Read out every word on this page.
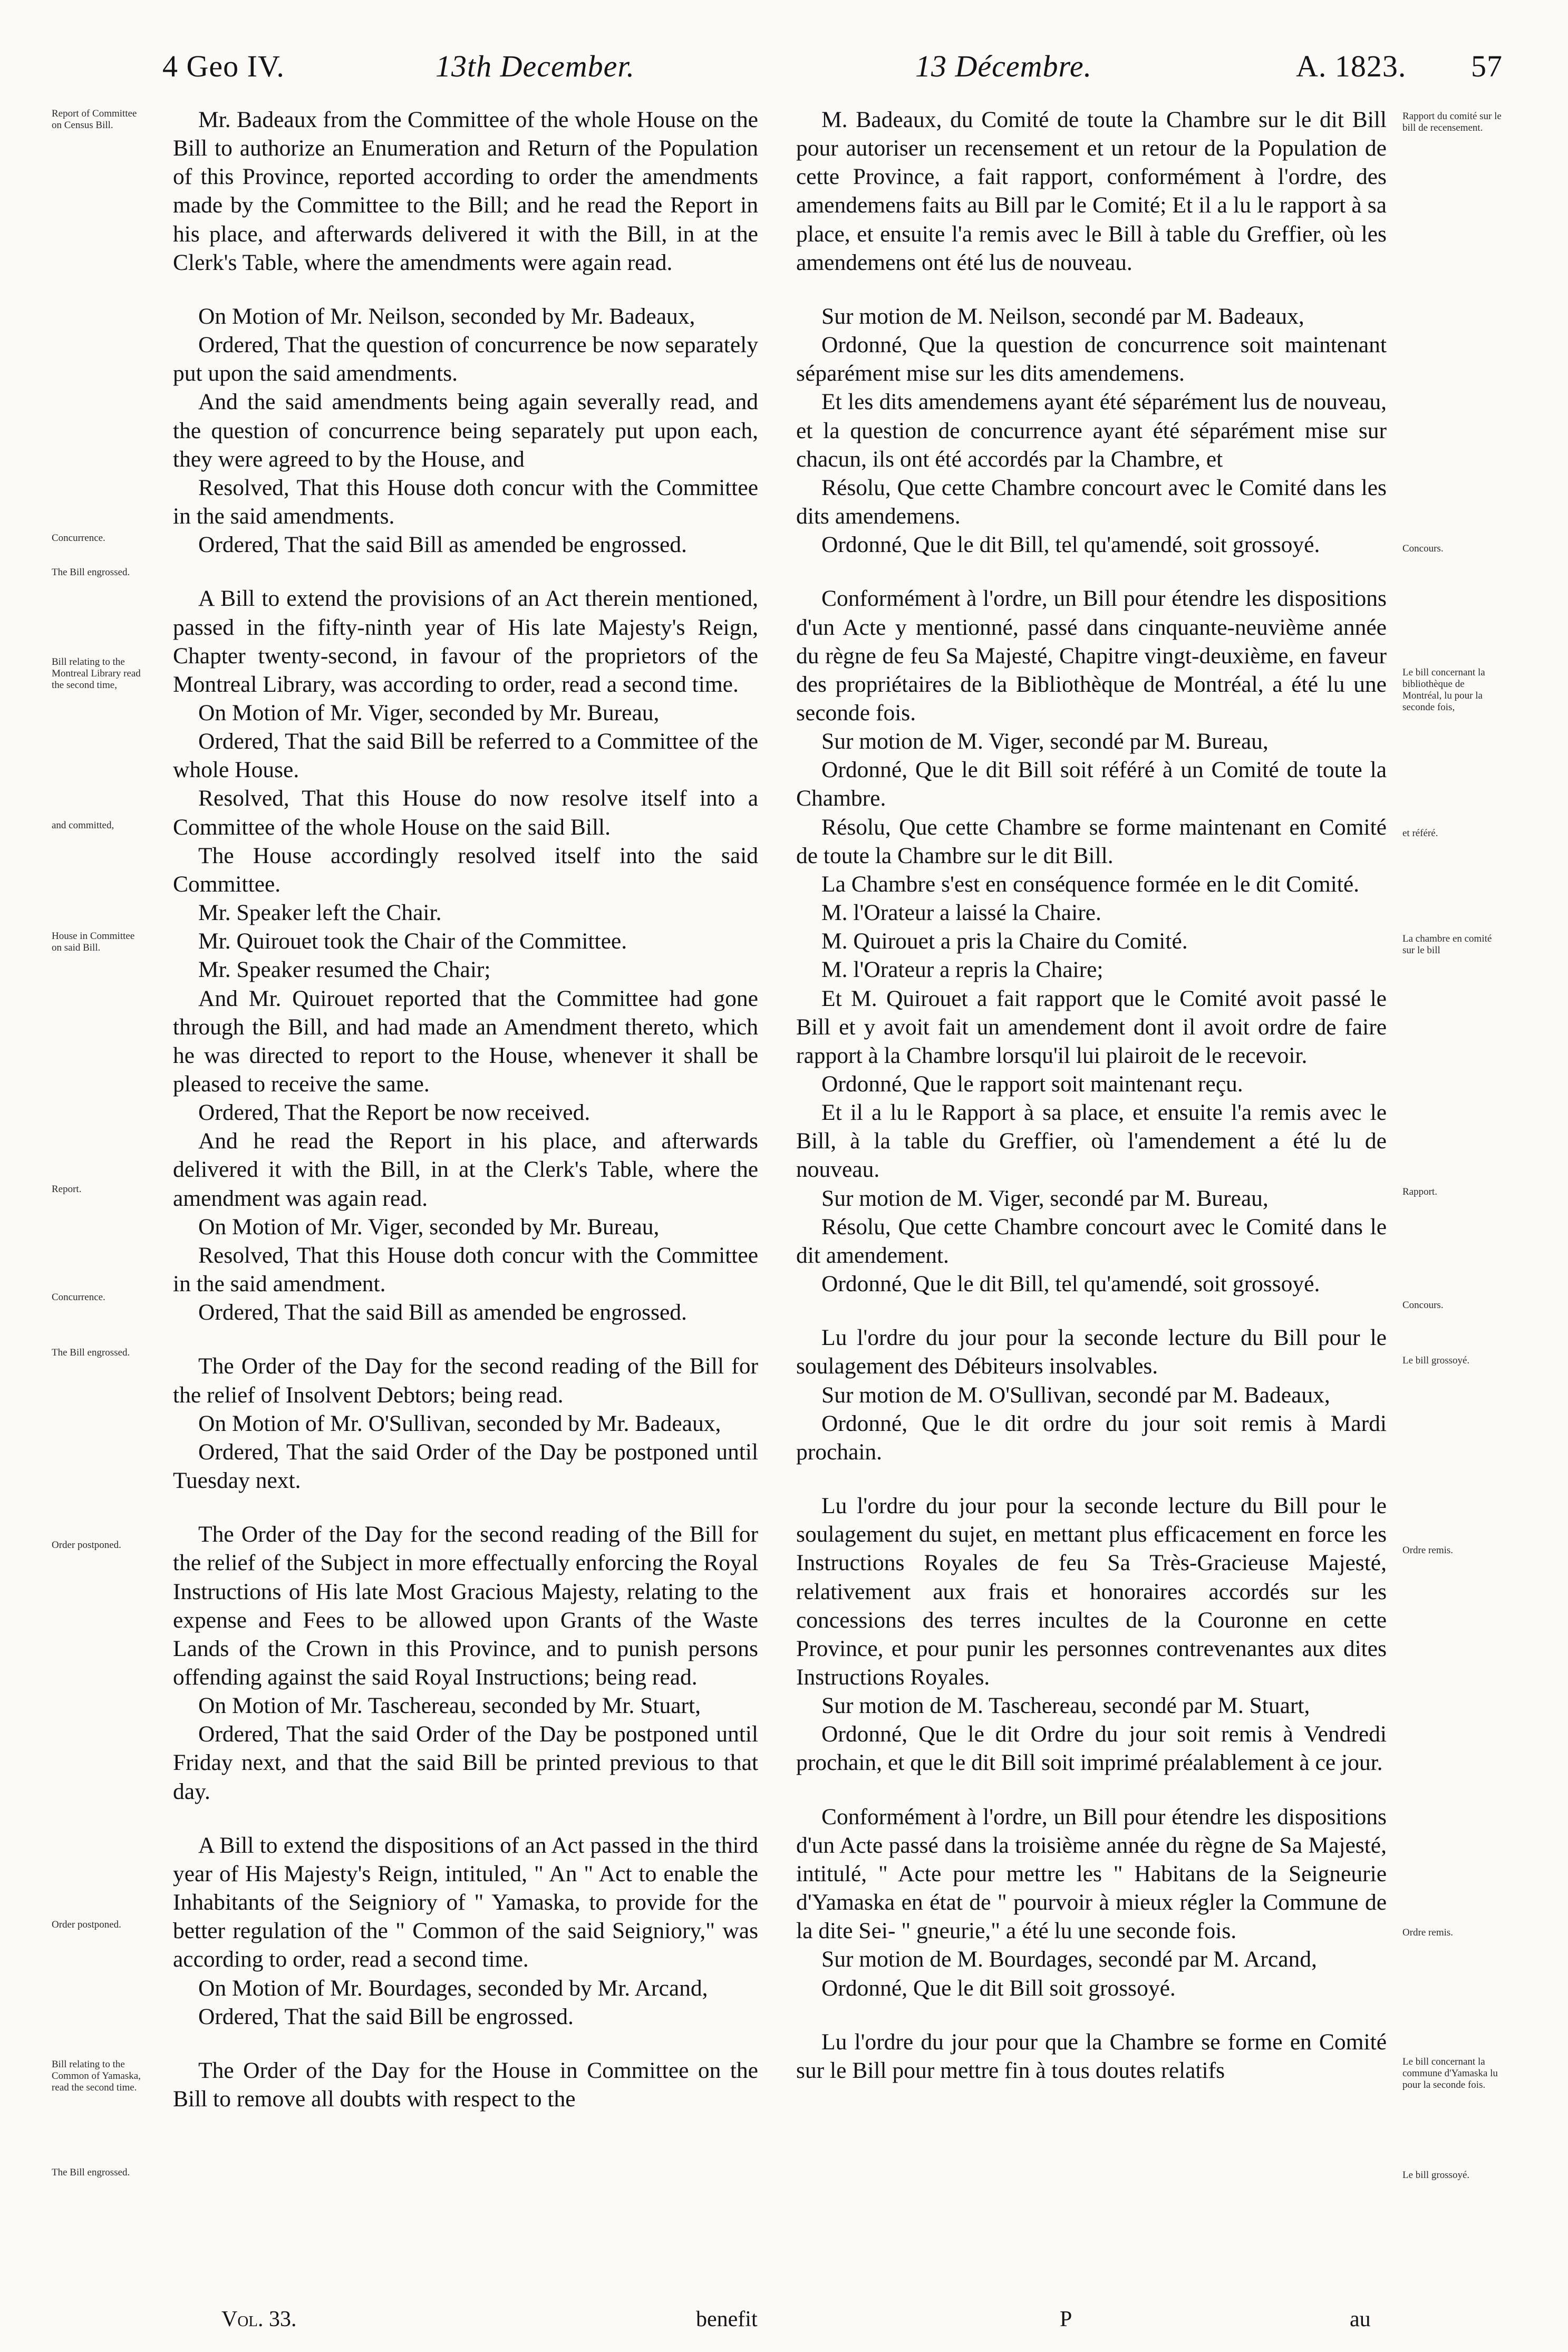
4 Geo IV.	13th December.	13 Décembre.	A. 1823. 57
Report of Committee on Census Bill.
Concurrence.
The Bill engrossed.
Bill relating to the Montreal Library read the second time,
and committed,
House in Committee on said Bill.
Report.
Concurrence.
The Bill engrossed.
Order postponed.
Order postponed.
Bill relating to the Common of Yamaska, read the second time.
The Bill engrossed.

Mr. Badeaux from the Committee of the whole House on the Bill to authorize an Enumeration and Return of the Population of this Province, reported according to order the amendments made by the Committee to the Bill; and he read the Report in his place, and afterwards delivered it with the Bill, in at the Clerk's Table, where the amendments were again read.

On Motion of Mr. Neilson, seconded by Mr. Badeaux,

Ordered, That the question of concurrence be now separately put upon the said amendments.

And the said amendments being again severally read, and the question of concurrence being separately put upon each, they were agreed to by the House, and

Resolved, That this House doth concur with the Committee in the said amendments.

Ordered, That the said Bill as amended be engrossed.

A Bill to extend the provisions of an Act therein mentioned, passed in the fifty-ninth year of His late Majesty's Reign, Chapter twenty-second, in favour of the proprietors of the Montreal Library, was according to order, read a second time.

On Motion of Mr. Viger, seconded by Mr. Bureau,

Ordered, That the said Bill be referred to a Committee of the whole House.

Resolved, That this House do now resolve itself into a Committee of the whole House on the said Bill.

The House accordingly resolved itself into the said Committee.

Mr. Speaker left the Chair.

Mr. Quirouet took the Chair of the Committee.

Mr. Speaker resumed the Chair;

And Mr. Quirouet reported that the Committee had gone through the Bill, and had made an Amendment thereto, which he was directed to report to the House, whenever it shall be pleased to receive the same.

Ordered, That the Report be now received.

And he read the Report in his place, and afterwards delivered it with the Bill, in at the Clerk's Table, where the amendment was again read.

On Motion of Mr. Viger, seconded by Mr. Bureau,

Resolved, That this House doth concur with the Committee in the said amendment.

Ordered, That the said Bill as amended be engrossed.

The Order of the Day for the second reading of the Bill for the relief of Insolvent Debtors; being read.

On Motion of Mr. O'Sullivan, seconded by Mr. Badeaux,

Ordered, That the said Order of the Day be postponed until Tuesday next.

The Order of the Day for the second reading of the Bill for the relief of the Subject in more effectually enforcing the Royal Instructions of His late Most Gracious Majesty, relating to the expense and Fees to be allowed upon Grants of the Waste Lands of the Crown in this Province, and to punish persons offending against the said Royal Instructions; being read.

On Motion of Mr. Taschereau, seconded by Mr. Stuart,

Ordered, That the said Order of the Day be postponed until Friday next, and that the said Bill be printed previous to that day.

A Bill to extend the dispositions of an Act passed in the third year of His Majesty's Reign, intituled, " An " Act to enable the Inhabitants of the Seigniory of " Yamaska, to provide for the better regulation of the " Common of the said Seigniory," was according to order, read a second time.

On Motion of Mr. Bourdages, seconded by Mr. Arcand,

Ordered, That the said Bill be engrossed.

The Order of the Day for the House in Committee on the Bill to remove all doubts with respect to the

M. Badeaux, du Comité de toute la Chambre sur le dit Bill pour autoriser un recensement et un retour de la Population de cette Province, a fait rapport, conformément à l'ordre, des amendemens faits au Bill par le Comité; Et il a lu le rapport à sa place, et ensuite l'a remis avec le Bill à table du Greffier, où les amendemens ont été lus de nouveau.

Sur motion de M. Neilson, secondé par M. Badeaux,

Ordonné, Que la question de concurrence soit maintenant séparément mise sur les dits amendemens.

Et les dits amendemens ayant été séparément lus de nouveau, et la question de concurrence ayant été séparément mise sur chacun, ils ont été accordés par la Chambre, et

Résolu, Que cette Chambre concourt avec le Comité dans les dits amendemens.

Ordonné, Que le dit Bill, tel qu'amendé, soit grossoyé.

Conformément à l'ordre, un Bill pour étendre les dispositions d'un Acte y mentionné, passé dans cinquante-neuvième année du règne de feu Sa Majesté, Chapitre vingt-deuxième, en faveur des propriétaires de la Bibliothèque de Montréal, a été lu une seconde fois.

Sur motion de M. Viger, secondé par M. Bureau,

Ordonné, Que le dit Bill soit référé à un Comité de toute la Chambre.

Résolu, Que cette Chambre se forme maintenant en Comité de toute la Chambre sur le dit Bill.

La Chambre s'est en conséquence formée en le dit Comité.

M. l'Orateur a laissé la Chaire.

M. Quirouet a pris la Chaire du Comité.

M. l'Orateur a repris la Chaire;

Et M. Quirouet a fait rapport que le Comité avoit passé le Bill et y avoit fait un amendement dont il avoit ordre de faire rapport à la Chambre lorsqu'il lui plairoit de le recevoir.

Ordonné, Que le rapport soit maintenant reçu.

Et il a lu le Rapport à sa place, et ensuite l'a remis avec le Bill, à la table du Greffier, où l'amendement a été lu de nouveau.

Sur motion de M. Viger, secondé par M. Bureau,

Résolu, Que cette Chambre concourt avec le Comité dans le dit amendement.

Ordonné, Que le dit Bill, tel qu'amendé, soit grossoyé.

Lu l'ordre du jour pour la seconde lecture du Bill pour le soulagement des Débiteurs insolvables.

Sur motion de M. O'Sullivan, secondé par M. Badeaux,

Ordonné, Que le dit ordre du jour soit remis à Mardi prochain.

Lu l'ordre du jour pour la seconde lecture du Bill pour le soulagement du sujet, en mettant plus efficacement en force les Instructions Royales de feu Sa Très-Gracieuse Majesté, relativement aux frais et honoraires accordés sur les concessions des terres incultes de la Couronne en cette Province, et pour punir les personnes contrevenantes aux dites Instructions Royales.

Sur motion de M. Taschereau, secondé par M. Stuart,

Ordonné, Que le dit Ordre du jour soit remis à Vendredi prochain, et que le dit Bill soit imprimé préalablement à ce jour.

Conformément à l'ordre, un Bill pour étendre les dispositions d'un Acte passé dans la troisième année du règne de Sa Majesté, intitulé, " Acte pour mettre les " Habitans de la Seigneurie d'Yamaska en état de " pourvoir à mieux régler la Commune de la dite Sei- " gneurie," a été lu une seconde fois.

Sur motion de M. Bourdages, secondé par M. Arcand,

Ordonné, Que le dit Bill soit grossoyé.

Lu l'ordre du jour pour que la Chambre se forme en Comité sur le Bill pour mettre fin à tous doutes relatifs

Rapport du comité sur le bill de recensement.
Concours.
Le bill concernant la bibliothèque de Montréal, lu pour la seconde fois,
et référé.
La chambre en comité sur le bill
Rapport.
Concours.
Le bill grossoyé.
Ordre remis.
Ordre remis.
Le bill concernant la commune d'Yamaska lu pour la seconde fois.
Le bill grossoyé.
Vol. 33.	benefit	P	au
